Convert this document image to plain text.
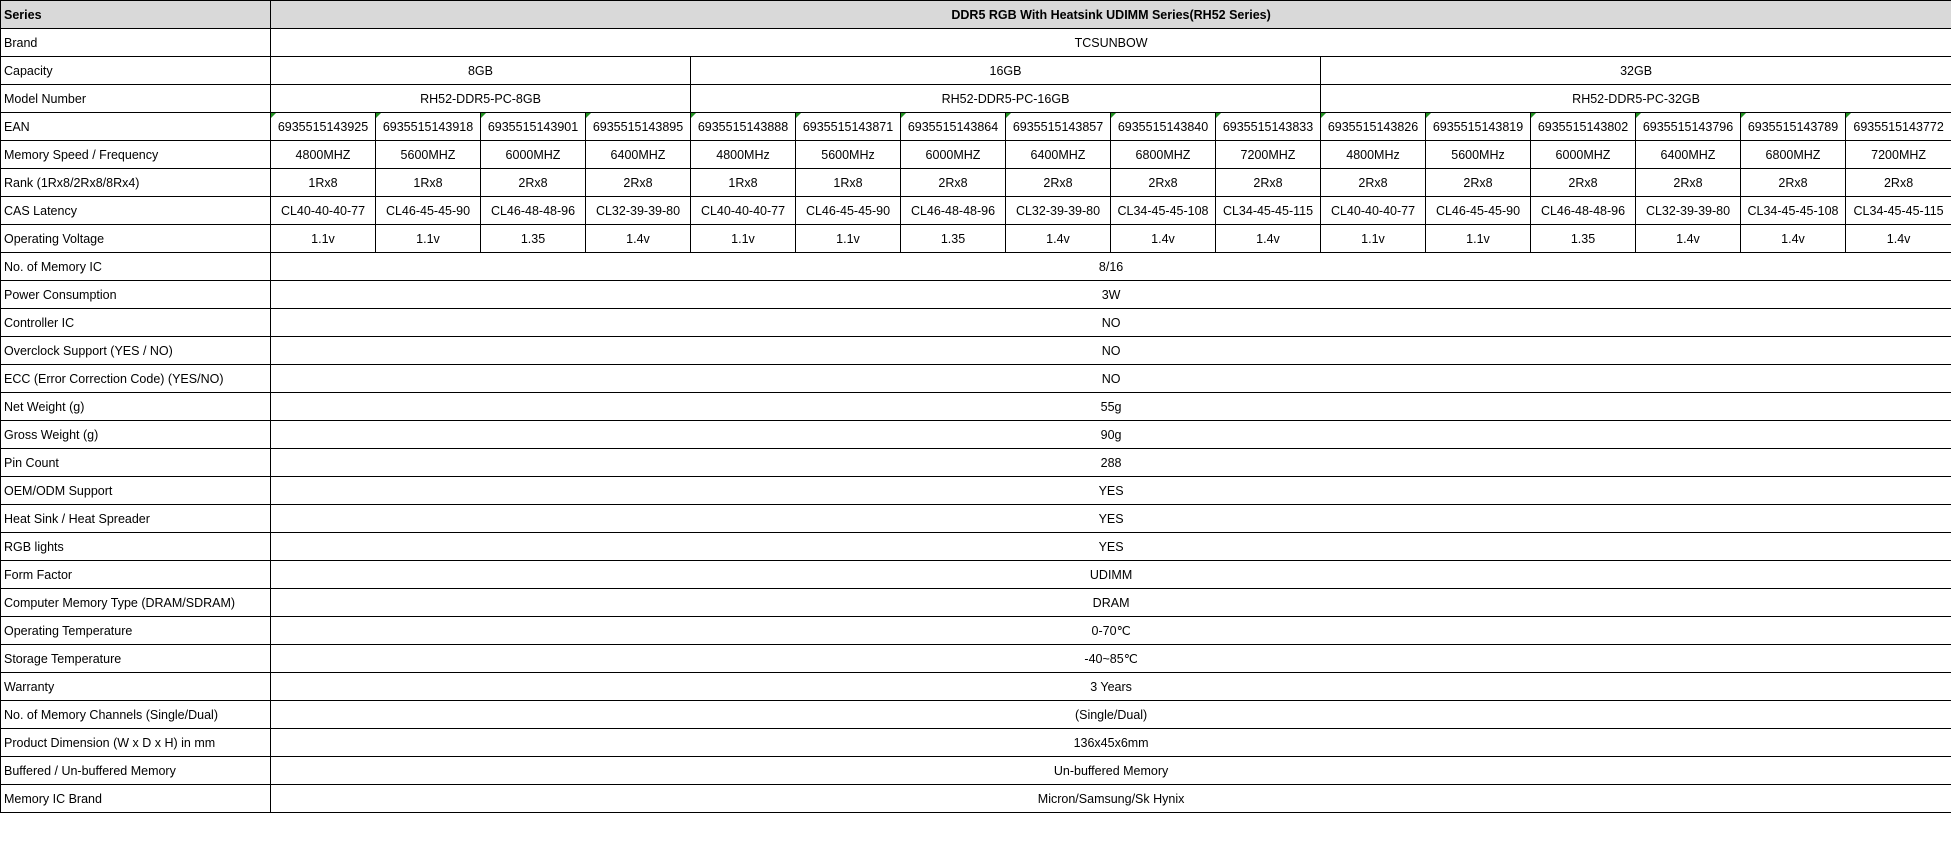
Series	DDR5 RGB With Heatsink UDIMM Series(RH52 Series)															
Brand	TCSUNBOW															
Capacity	8GB				16GB						32GB					
Model Number	RH52-DDR5-PC-8GB				RH52-DDR5-PC-16GB						RH52-DDR5-PC-32GB					
EAN	6935515143925	6935515143918	6935515143901	6935515143895	6935515143888	6935515143871	6935515143864	6935515143857	6935515143840	6935515143833	6935515143826	6935515143819	6935515143802	6935515143796	6935515143789	6935515143772
Memory Speed / Frequency	4800MHZ	5600MHZ	6000MHZ	6400MHZ	4800MHz	5600MHz	6000MHZ	6400MHZ	6800MHZ	7200MHZ	4800MHz	5600MHz	6000MHZ	6400MHZ	6800MHZ	7200MHZ
Rank (1Rx8/2Rx8/8Rx4)	1Rx8	1Rx8	2Rx8	2Rx8	1Rx8	1Rx8	2Rx8	2Rx8	2Rx8	2Rx8	2Rx8	2Rx8	2Rx8	2Rx8	2Rx8	2Rx8
CAS Latency	CL40-40-40-77	CL46-45-45-90	CL46-48-48-96	CL32-39-39-80	CL40-40-40-77	CL46-45-45-90	CL46-48-48-96	CL32-39-39-80	CL34-45-45-108	CL34-45-45-115	CL40-40-40-77	CL46-45-45-90	CL46-48-48-96	CL32-39-39-80	CL34-45-45-108	CL34-45-45-115
Operating Voltage	1.1v	1.1v	1.35	1.4v	1.1v	1.1v	1.35	1.4v	1.4v	1.4v	1.1v	1.1v	1.35	1.4v	1.4v	1.4v
No. of Memory IC	8/16															
Power Consumption	3W															
Controller IC	NO															
Overclock Support (YES / NO)	NO															
ECC (Error Correction Code) (YES/NO)	NO															
Net Weight (g)	55g															
Gross Weight (g)	90g															
Pin Count	288															
OEM/ODM Support	YES															
Heat Sink / Heat Spreader	YES															
RGB lights	YES															
Form Factor	UDIMM															
Computer Memory Type (DRAM/SDRAM)	DRAM															
Operating Temperature	0-70℃															
Storage Temperature	-40~85℃															
Warranty	3 Years															
No. of Memory Channels (Single/Dual)	(Single/Dual)															
Product Dimension (W x D x H) in mm	136x45x6mm															
Buffered / Un-buffered Memory	Un-buffered Memory															
Memory IC Brand	Micron/Samsung/Sk Hynix															
